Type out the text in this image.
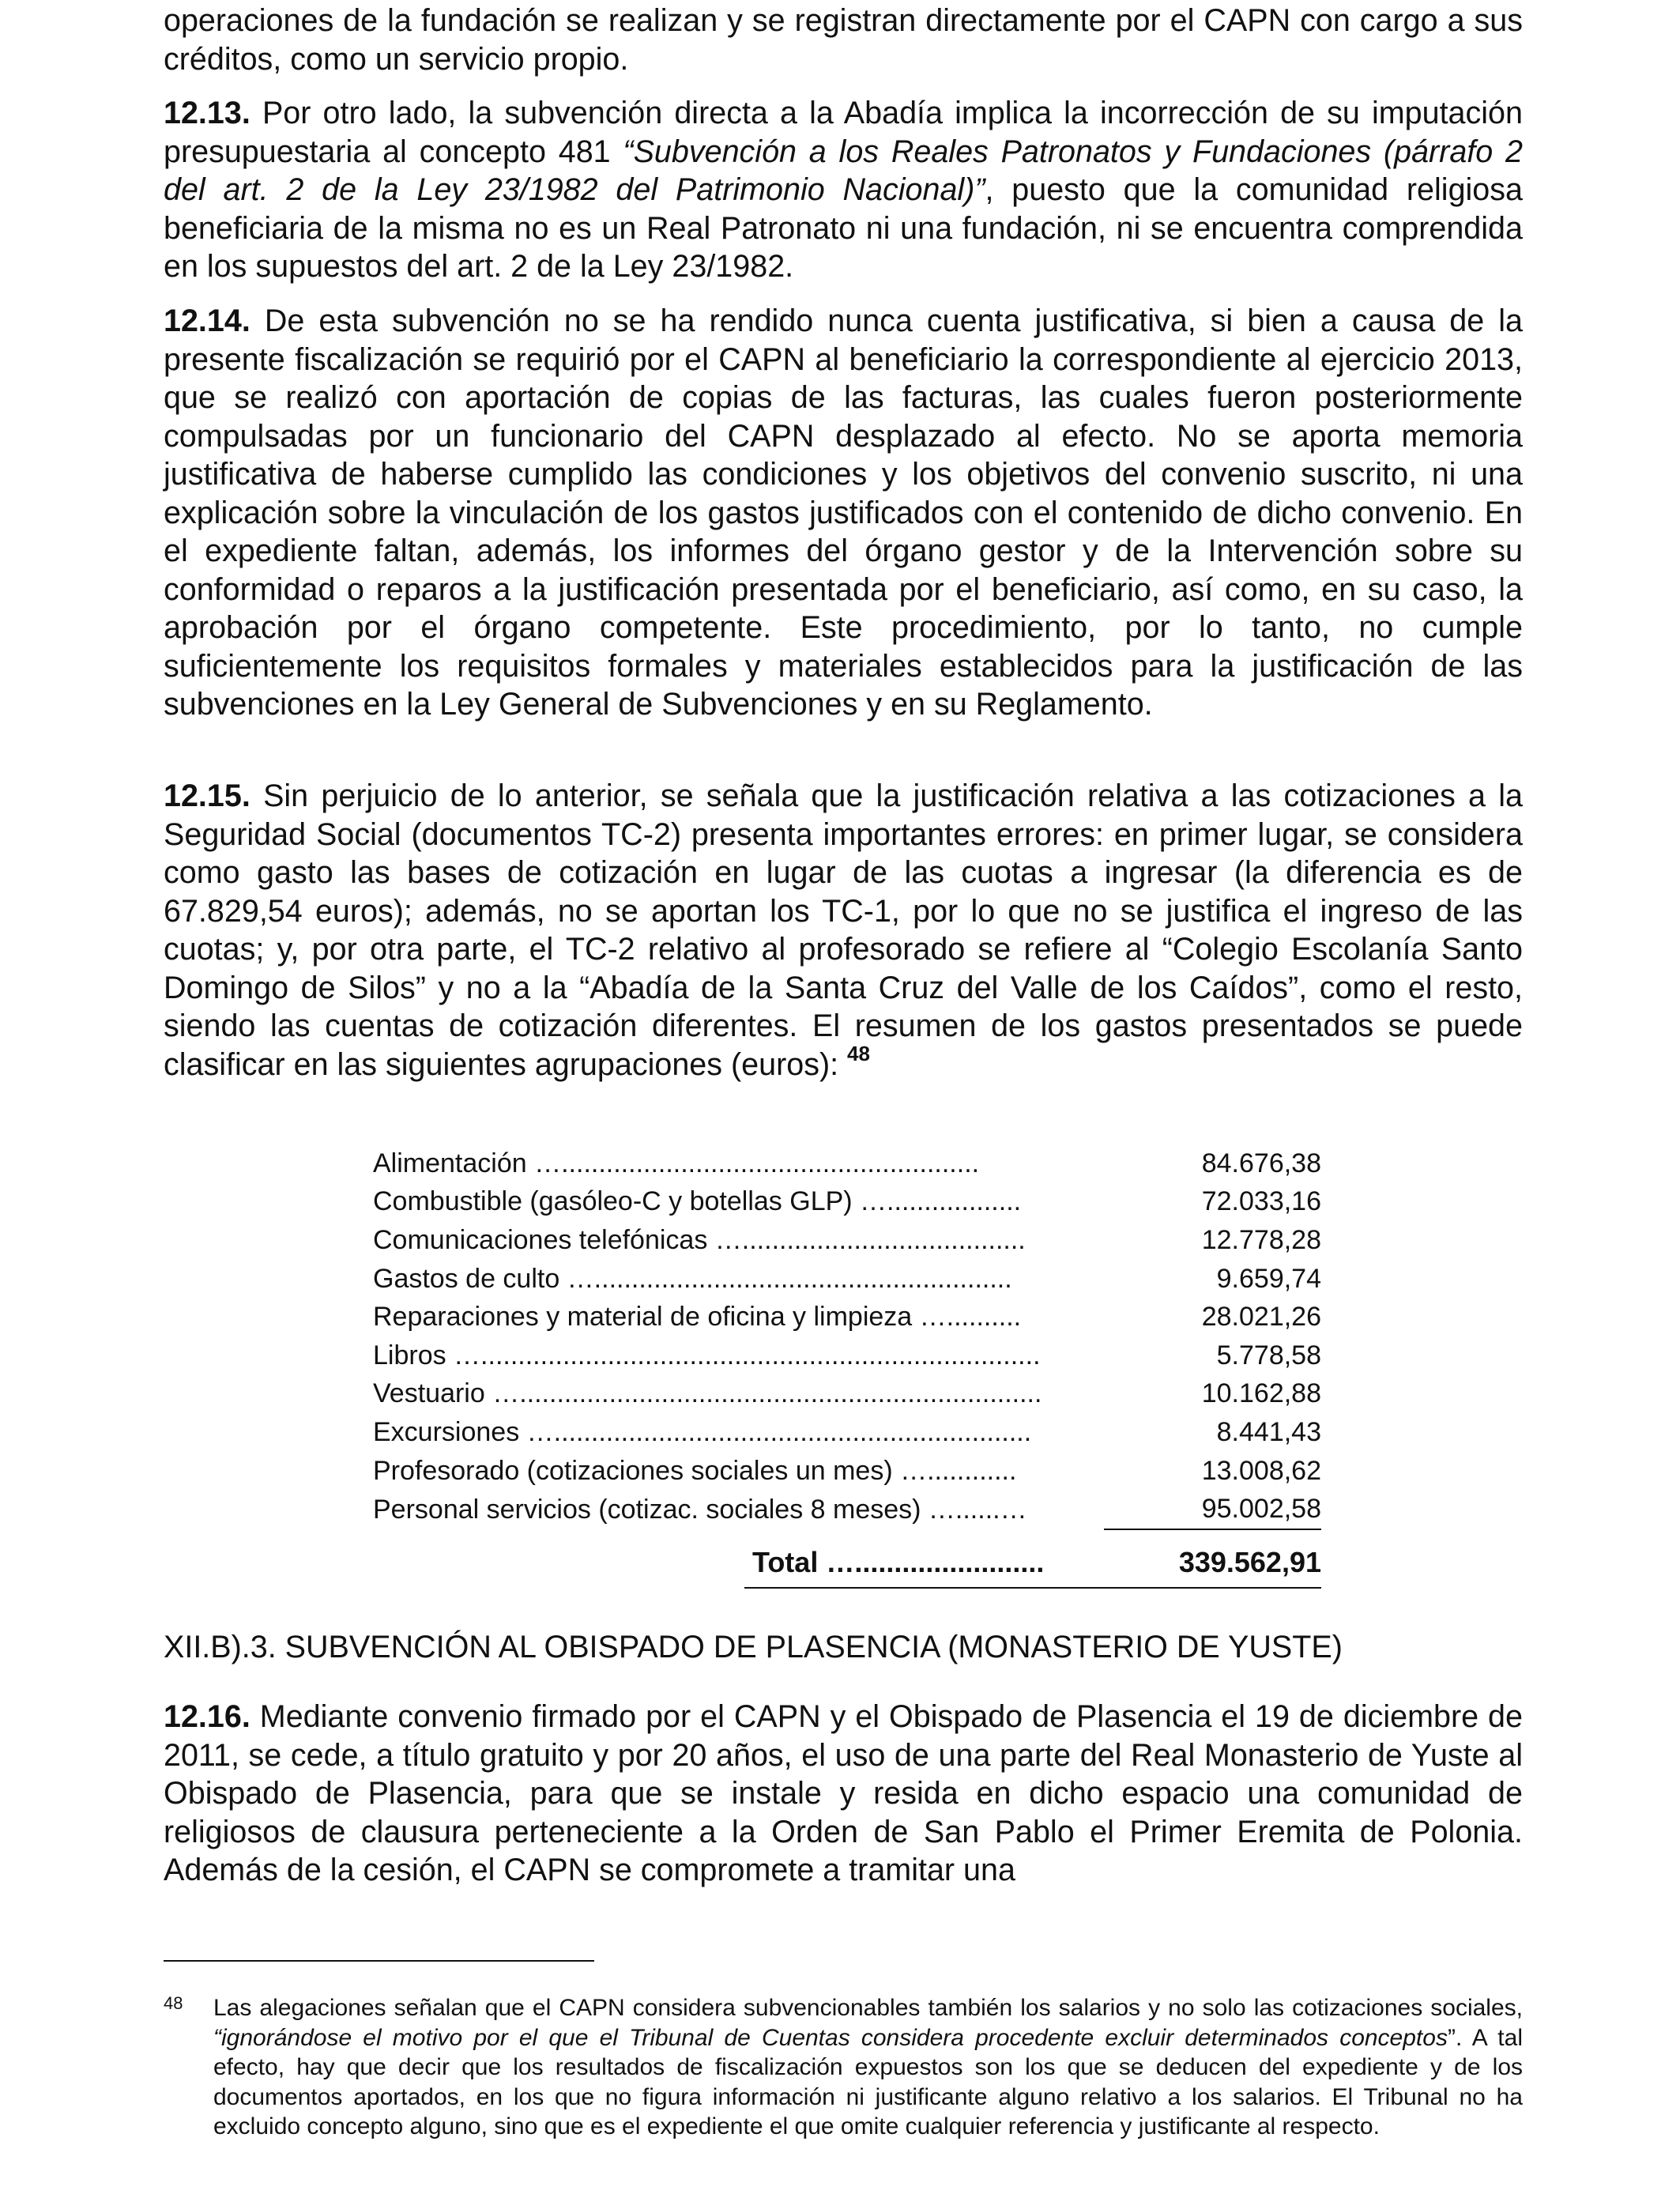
operaciones de la fundación se realizan y se registran directamente por el CAPN con cargo a sus créditos, como un servicio propio.

12.13. Por otro lado, la subvención directa a la Abadía implica la incorrección de su imputación presupuestaria al concepto 481 “Subvención a los Reales Patronatos y Fundaciones (párrafo 2 del art. 2 de la Ley 23/1982 del Patrimonio Nacional)”, puesto que la comunidad religiosa beneficiaria de la misma no es un Real Patronato ni una fundación, ni se encuentra comprendida en los supuestos del art. 2 de la Ley 23/1982.

12.14. De esta subvención no se ha rendido nunca cuenta justificativa, si bien a causa de la presente fiscalización se requirió por el CAPN al beneficiario la correspondiente al ejercicio 2013, que se realizó con aportación de copias de las facturas, las cuales fueron posteriormente compulsadas por un funcionario del CAPN desplazado al efecto. No se aporta memoria justificativa de haberse cumplido las condiciones y los objetivos del convenio suscrito, ni una explicación sobre la vinculación de los gastos justificados con el contenido de dicho convenio. En el expediente faltan, además, los informes del órgano gestor y de la Intervención sobre su conformidad o reparos a la justificación presentada por el beneficiario, así como, en su caso, la aprobación por el órgano competente. Este procedimiento, por lo tanto, no cumple suficientemente los requisitos formales y materiales establecidos para la justificación de las subvenciones en la Ley General de Subvenciones y en su Reglamento.

12.15. Sin perjuicio de lo anterior, se señala que la justificación relativa a las cotizaciones a la Seguridad Social (documentos TC-2) presenta importantes errores: en primer lugar, se considera como gasto las bases de cotización en lugar de las cuotas a ingresar (la diferencia es de 67.829,54 euros); además, no se aportan los TC-1, por lo que no se justifica el ingreso de las cuotas; y, por otra parte, el TC-2 relativo al profesorado se refiere al “Colegio Escolanía Santo Domingo de Silos” y no a la “Abadía de la Santa Cruz del Valle de los Caídos”, como el resto, siendo las cuentas de cotización diferentes. El resumen de los gastos presentados se puede clasificar en las siguientes agrupaciones (euros): $^{48}$

Alimentación …........................................................	84.676,38
Combustible (gasóleo-C y botellas GLP) …..................	72.033,16
Comunicaciones telefónicas …......................................	12.778,28
Gastos de culto …........................................................	9.659,74
Reparaciones y material de oficina y limpieza …..........	28.021,26
Libros …...........................................................................	5.778,58
Vestuario …......................................................................	10.162,88
Excursiones …................................................................	8.441,43
Profesorado (cotizaciones sociales un mes) …............	13.008,62
Personal servicios (cotizac. sociales 8 meses) …......…	95.002,58
Total …........................	339.562,91

XII.B).3. SUBVENCIÓN AL OBISPADO DE PLASENCIA (MONASTERIO DE YUSTE)

12.16. Mediante convenio firmado por el CAPN y el Obispado de Plasencia el 19 de diciembre de 2011, se cede, a título gratuito y por 20 años, el uso de una parte del Real Monasterio de Yuste al Obispado de Plasencia, para que se instale y resida en dicho espacio una comunidad de religiosos de clausura perteneciente a la Orden de San Pablo el Primer Eremita de Polonia. Además de la cesión, el CAPN se compromete a tramitar una

48 Las alegaciones señalan que el CAPN considera subvencionables también los salarios y no solo las cotizaciones sociales, “ignorándose el motivo por el que el Tribunal de Cuentas considera procedente excluir determinados conceptos”. A tal efecto, hay que decir que los resultados de fiscalización expuestos son los que se deducen del expediente y de los documentos aportados, en los que no figura información ni justificante alguno relativo a los salarios. El Tribunal no ha excluido concepto alguno, sino que es el expediente el que omite cualquier referencia y justificante al respecto.
